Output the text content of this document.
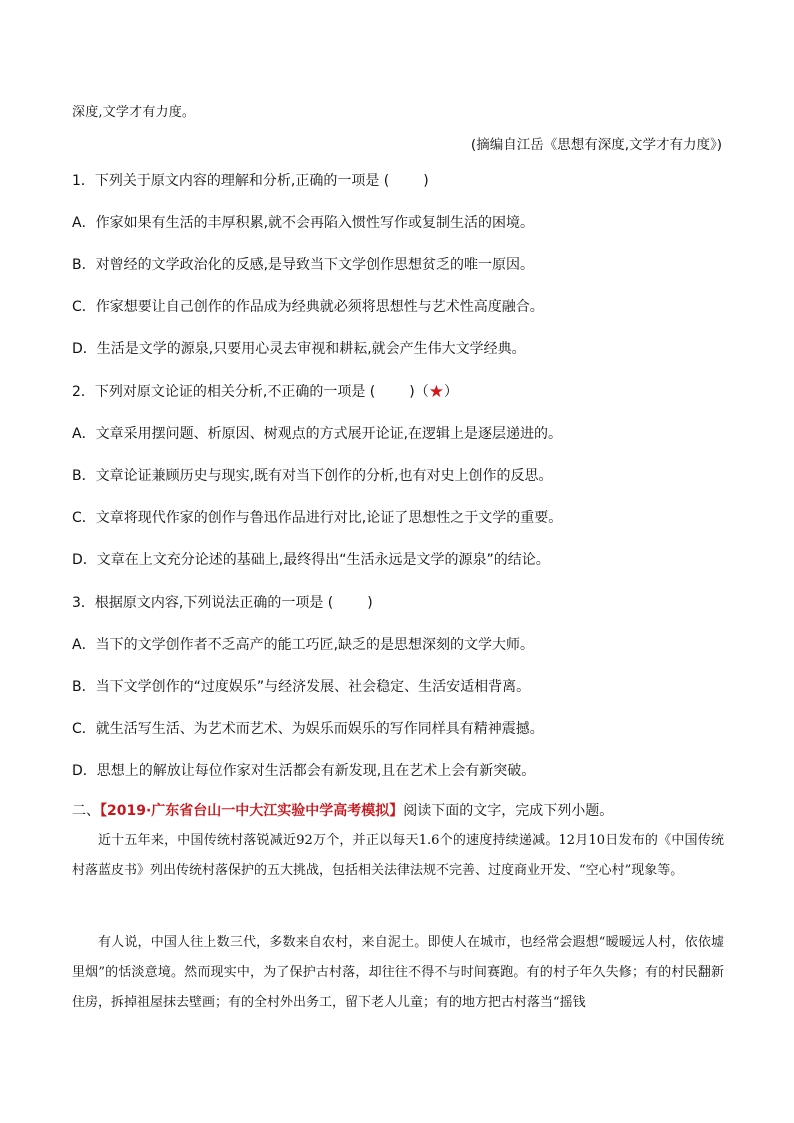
深度,文学才有力度。
(摘编自江岳《思想有深度,文学才有力度》)
1．下列关于原文内容的理解和分析,正确的一项是 ( )
A．作家如果有生活的丰厚积累,就不会再陷入惯性写作或复制生活的困境。
B．对曾经的文学政治化的反感,是导致当下文学创作思想贫乏的唯一原因。
C．作家想要让自己创作的作品成为经典就必须将思想性与艺术性高度融合。
D．生活是文学的源泉,只要用心灵去审视和耕耘,就会产生伟大文学经典。
2．下列对原文论证的相关分析,不正确的一项是 ( )（★）
A．文章采用摆问题、析原因、树观点的方式展开论证,在逻辑上是逐层递进的。
B．文章论证兼顾历史与现实,既有对当下创作的分析,也有对史上创作的反思。
C．文章将现代作家的创作与鲁迅作品进行对比,论证了思想性之于文学的重要。
D．文章在上文充分论述的基础上,最终得出“生活永远是文学的源泉”的结论。
3．根据原文内容,下列说法正确的一项是 ( )
A．当下的文学创作者不乏高产的能工巧匠,缺乏的是思想深刻的文学大师。
B．当下文学创作的“过度娱乐”与经济发展、社会稳定、生活安适相背离。
C．就生活写生活、为艺术而艺术、为娱乐而娱乐的写作同样具有精神震撼。
D．思想上的解放让每位作家对生活都会有新发现,且在艺术上会有新突破。
二、【2019·广东省台山一中大江实验中学高考模拟】阅读下面的文字，完成下列小题。
近十五年来，中国传统村落锐减近92万个，并正以每天1.6个的速度持续递减。12月10日发布的《中国传统村落蓝皮书》列出传统村落保护的五大挑战，包括相关法律法规不完善、过度商业开发、“空心村”现象等。
有人说，中国人往上数三代，多数来自农村，来自泥土。即使人在城市，也经常会遐想“暧暧远人村，依依墟里烟”的恬淡意境。然而现实中，为了保护古村落，却往往不得不与时间赛跑。有的村子年久失修；有的村民翻新住房，拆掉祖屋抹去壁画；有的全村外出务工，留下老人儿童；有的地方把古村落当“摇钱
